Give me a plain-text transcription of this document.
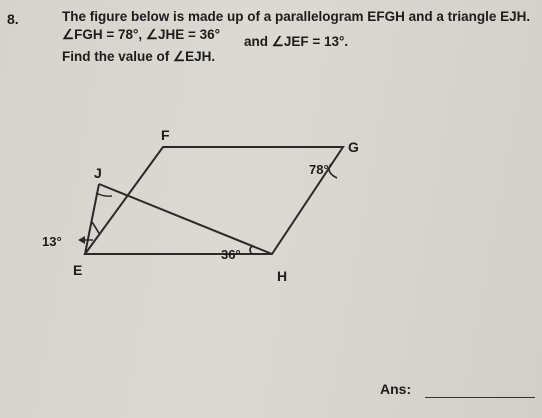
8.	The figure below is made up of a parallelogram EFGH and a triangle EJH.
∠FGH = 78°, ∠JHE = 36° and ∠JEF = 13°.
Find the value of ∠EJH.
F
G
J
E	H
78°
36°
13°
Ans:
